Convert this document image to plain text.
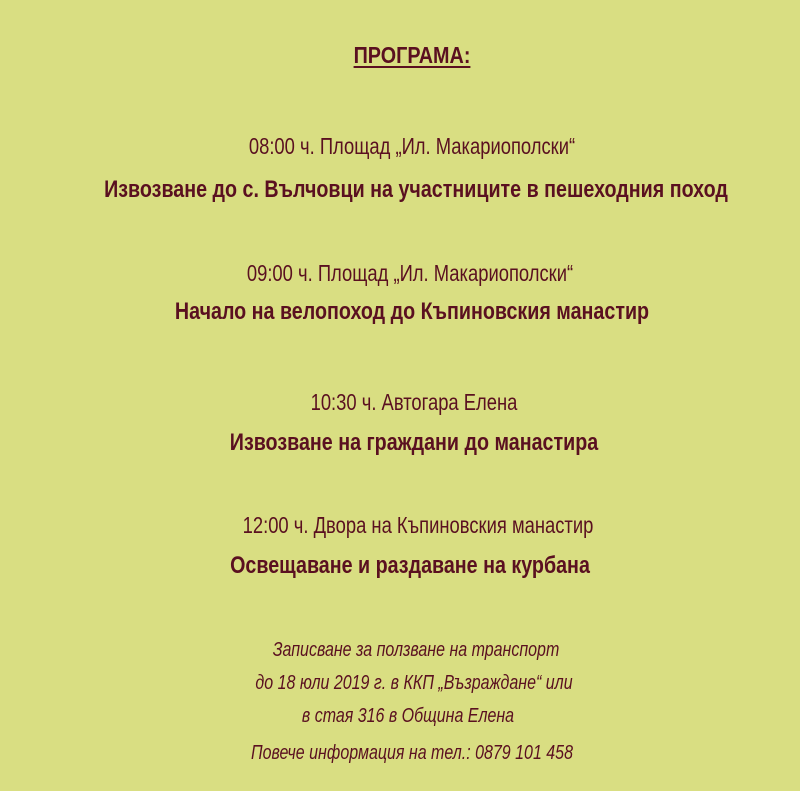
ПРОГРАМА:
08:00 ч. Площад „Ил. Макариополски“
Извозване до с. Вълчовци на участниците в пешеходния поход
09:00 ч. Площад „Ил. Макариополски“
Начало на велопоход до Къпиновския манастир
10:30 ч. Автогара Елена
Извозване на граждани до манастира
12:00 ч. Двора на Къпиновския манастир
Освещаване и раздаване на курбана
Записване за ползване на транспорт
до 18 юли 2019 г. в ККП „Възраждане“ или
в стая 316 в Община Елена
Повече информация на тел.: 0879 101 458
